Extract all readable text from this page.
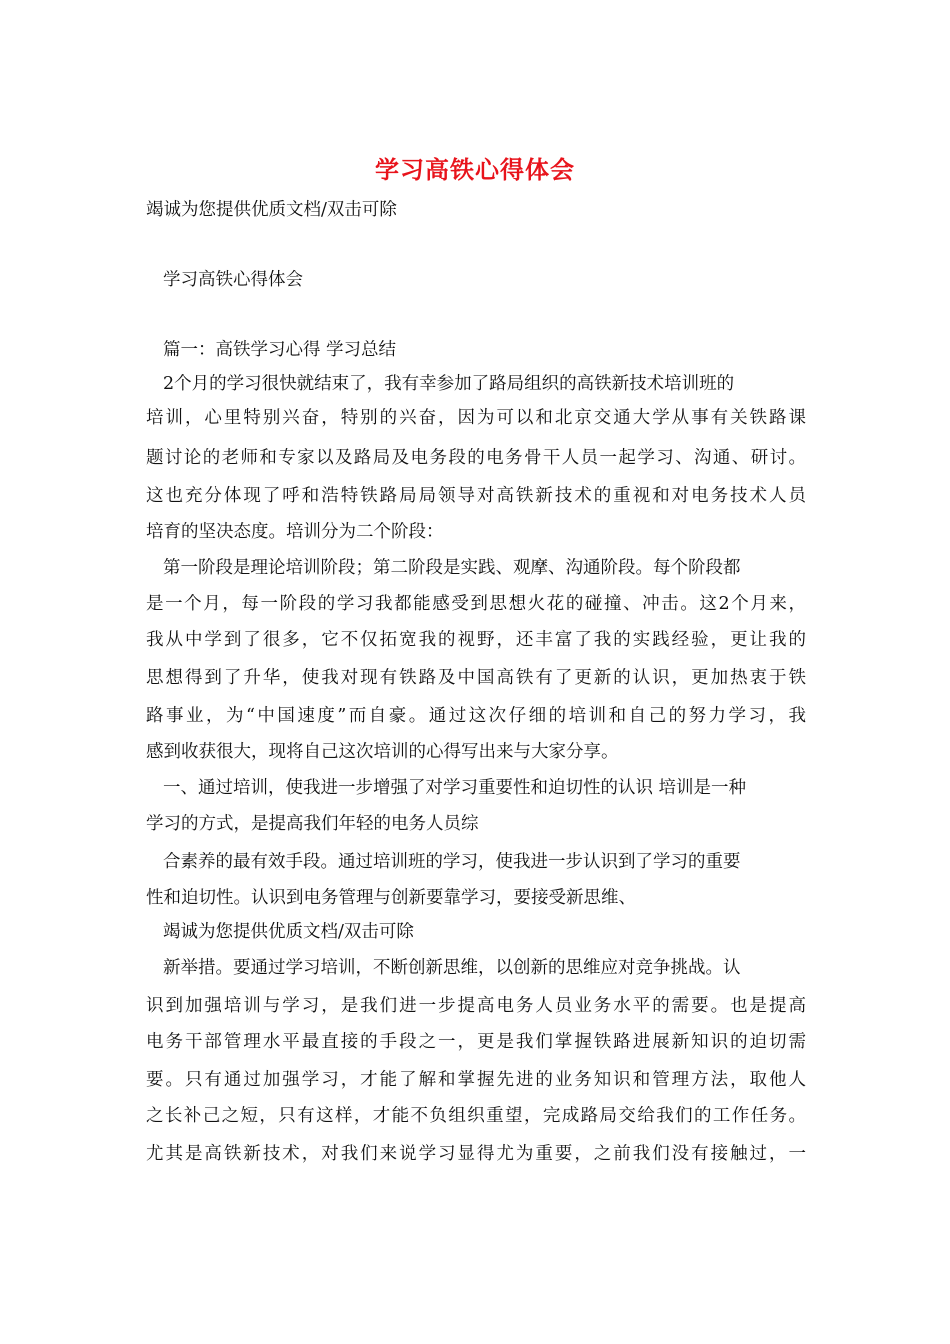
学习高铁心得体会
竭诚为您提供优质文档/双击可除
学习高铁心得体会
篇一：高铁学习心得 学习总结
2个月的学习很快就结束了，我有幸参加了路局组织的高铁新技术培训班的
培训，心里特别兴奋，特别的兴奋，因为可以和北京交通大学从事有关铁路课
题讨论的老师和专家以及路局及电务段的电务骨干人员一起学习、沟通、研讨。
这也充分体现了呼和浩特铁路局局领导对高铁新技术的重视和对电务技术人员
培育的坚决态度。培训分为二个阶段：
第一阶段是理论培训阶段；第二阶段是实践、观摩、沟通阶段。每个阶段都
是一个月，每一阶段的学习我都能感受到思想火花的碰撞、冲击。这2个月来，
我从中学到了很多，它不仅拓宽我的视野，还丰富了我的实践经验，更让我的
思想得到了升华，使我对现有铁路及中国高铁有了更新的认识，更加热衷于铁
路事业，为“中国速度”而自豪。通过这次仔细的培训和自己的努力学习，我
感到收获很大，现将自己这次培训的心得写出来与大家分享。
一、通过培训，使我进一步增强了对学习重要性和迫切性的认识 培训是一种
学习的方式，是提高我们年轻的电务人员综
合素养的最有效手段。通过培训班的学习，使我进一步认识到了学习的重要
性和迫切性。认识到电务管理与创新要靠学习，要接受新思维、
竭诚为您提供优质文档/双击可除
新举措。要通过学习培训，不断创新思维，以创新的思维应对竞争挑战。认
识到加强培训与学习，是我们进一步提高电务人员业务水平的需要。也是提高
电务干部管理水平最直接的手段之一，更是我们掌握铁路进展新知识的迫切需
要。只有通过加强学习，才能了解和掌握先进的业务知识和管理方法，取他人
之长补己之短，只有这样，才能不负组织重望，完成路局交给我们的工作任务。
尤其是高铁新技术，对我们来说学习显得尤为重要，之前我们没有接触过，一
